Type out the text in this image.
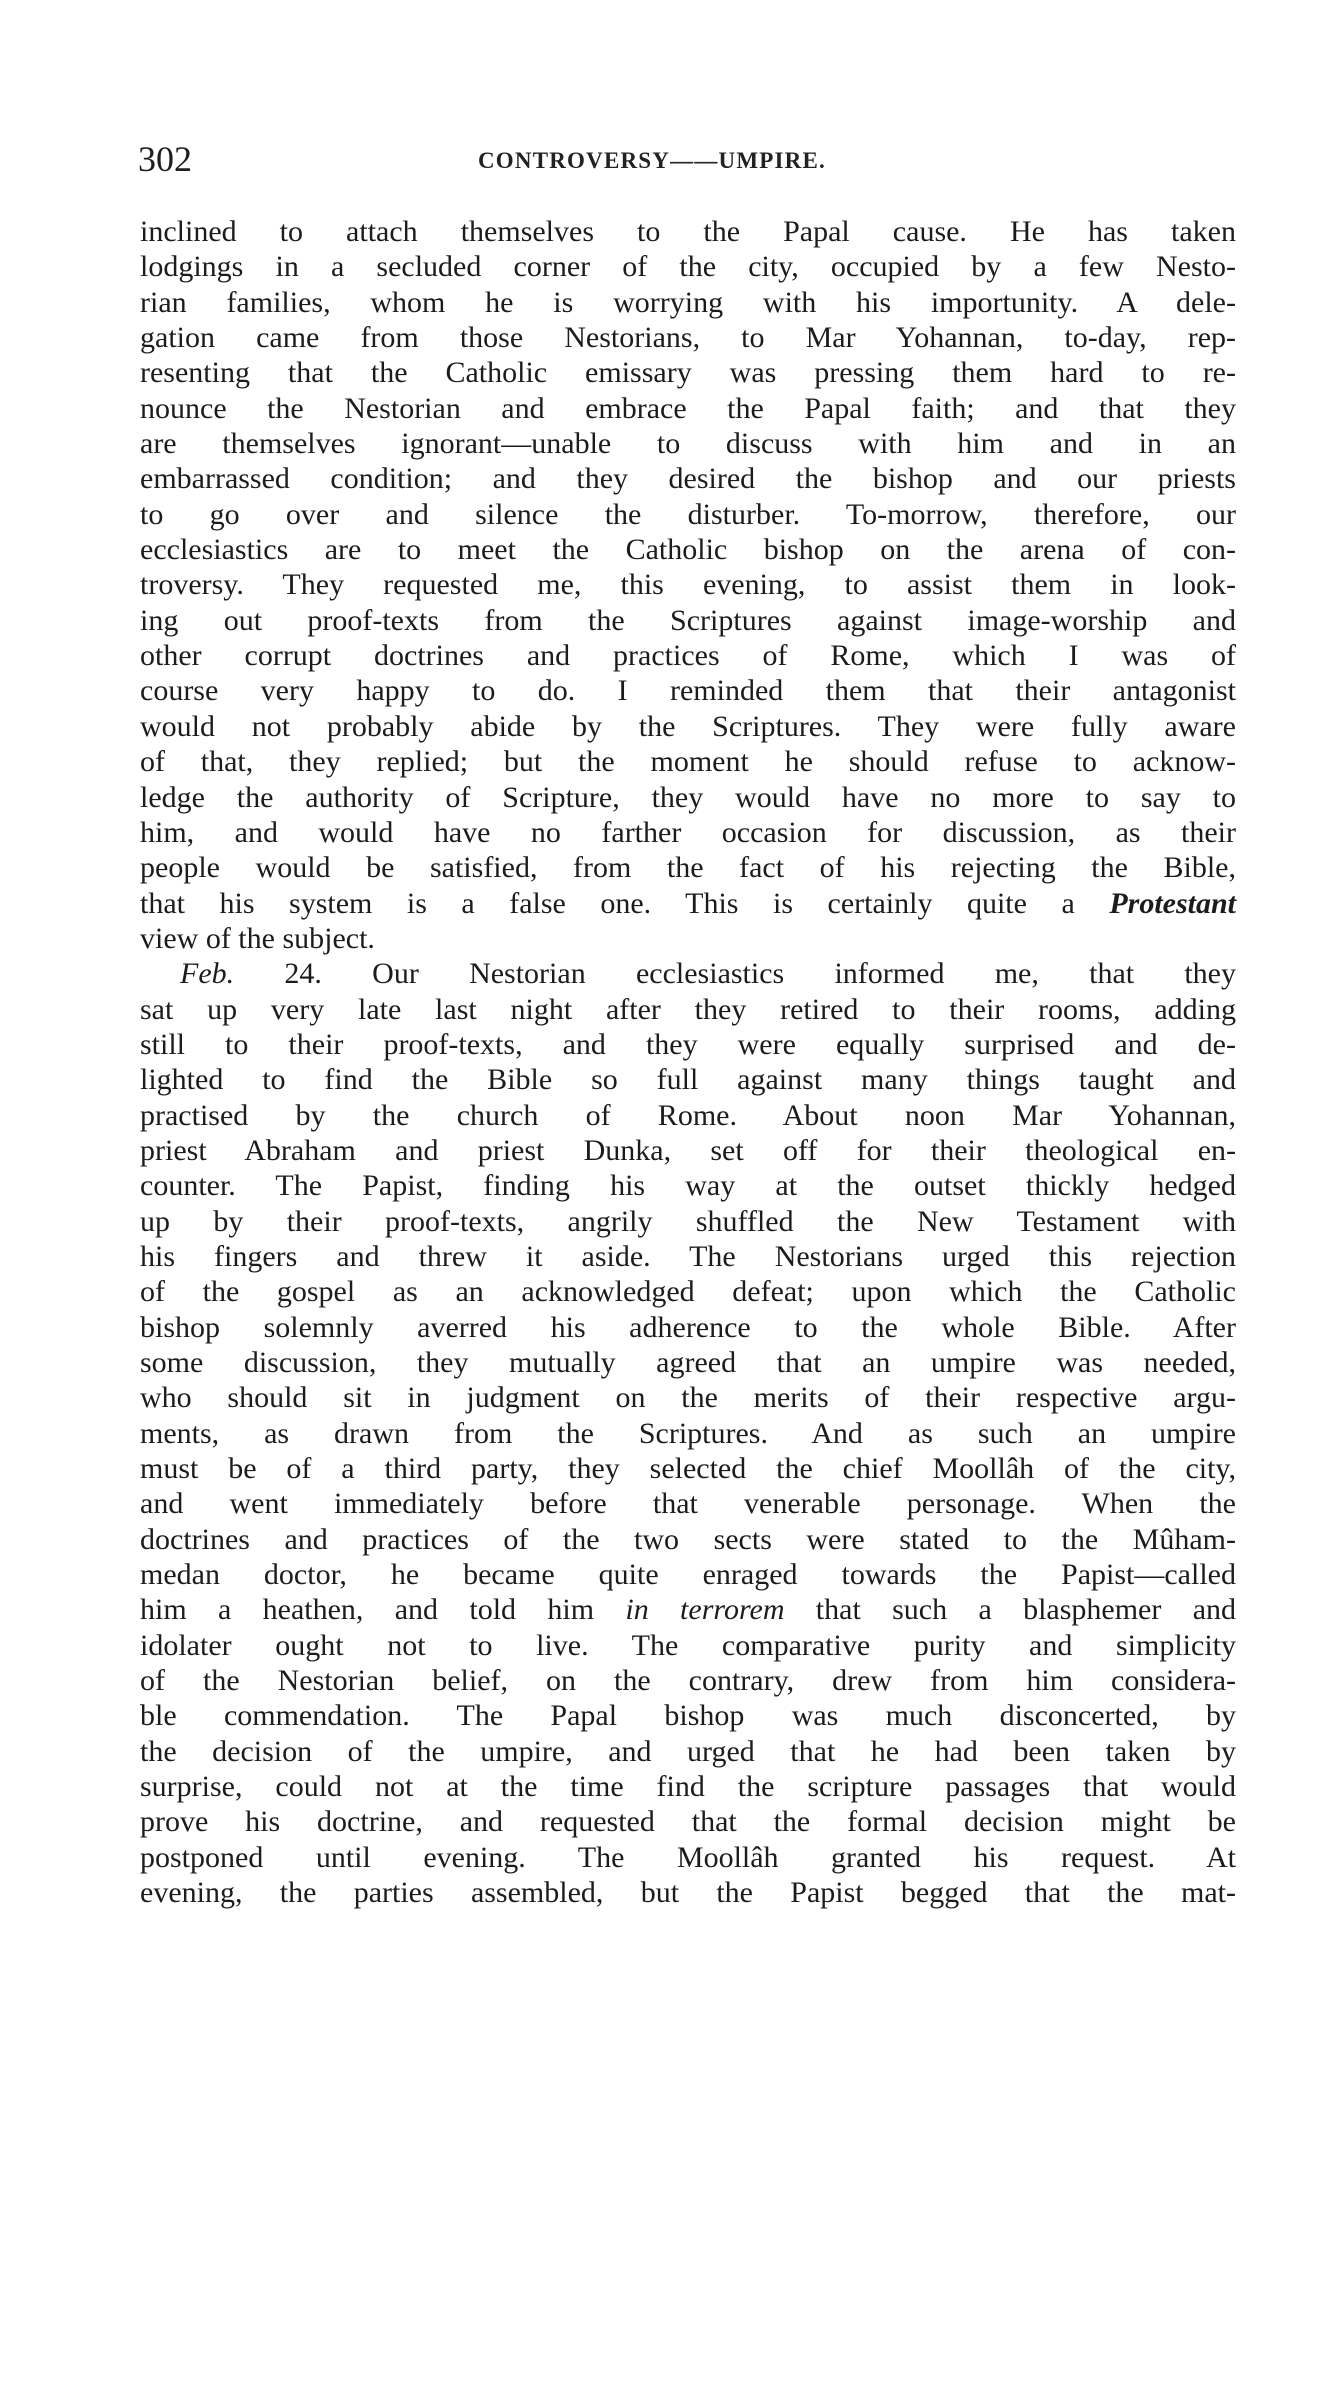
302	CONTROVERSY——UMPIRE.
inclined to attach themselves to the Papal cause. He has taken
lodgings in a secluded corner of the city, occupied by a few Nesto-
rian families, whom he is worrying with his importunity. A dele-
gation came from those Nestorians, to Mar Yohannan, to-day, rep-
resenting that the Catholic emissary was pressing them hard to re-
nounce the Nestorian and embrace the Papal faith; and that they
are themselves ignorant—unable to discuss with him and in an
embarrassed condition; and they desired the bishop and our priests
to go over and silence the disturber. To-morrow, therefore, our
ecclesiastics are to meet the Catholic bishop on the arena of con-
troversy. They requested me, this evening, to assist them in look-
ing out proof-texts from the Scriptures against image-worship and
other corrupt doctrines and practices of Rome, which I was of
course very happy to do. I reminded them that their antagonist
would not probably abide by the Scriptures. They were fully aware
of that, they replied; but the moment he should refuse to acknow-
ledge the authority of Scripture, they would have no more to say to
him, and would have no farther occasion for discussion, as their
people would be satisfied, from the fact of his rejecting the Bible,
that his system is a false one. This is certainly quite a Protestant
view of the subject.
Feb. 24. Our Nestorian ecclesiastics informed me, that they
sat up very late last night after they retired to their rooms, adding
still to their proof-texts, and they were equally surprised and de-
lighted to find the Bible so full against many things taught and
practised by the church of Rome. About noon Mar Yohannan,
priest Abraham and priest Dunka, set off for their theological en-
counter. The Papist, finding his way at the outset thickly hedged
up by their proof-texts, angrily shuffled the New Testament with
his fingers and threw it aside. The Nestorians urged this rejection
of the gospel as an acknowledged defeat; upon which the Catholic
bishop solemnly averred his adherence to the whole Bible. After
some discussion, they mutually agreed that an umpire was needed,
who should sit in judgment on the merits of their respective argu-
ments, as drawn from the Scriptures. And as such an umpire
must be of a third party, they selected the chief Moollâh of the city,
and went immediately before that venerable personage. When the
doctrines and practices of the two sects were stated to the Mûham-
medan doctor, he became quite enraged towards the Papist—called
him a heathen, and told him in terrorem that such a blasphemer and
idolater ought not to live. The comparative purity and simplicity
of the Nestorian belief, on the contrary, drew from him considera-
ble commendation. The Papal bishop was much disconcerted, by
the decision of the umpire, and urged that he had been taken by
surprise, could not at the time find the scripture passages that would
prove his doctrine, and requested that the formal decision might be
postponed until evening. The Moollâh granted his request. At
evening, the parties assembled, but the Papist begged that the mat-
